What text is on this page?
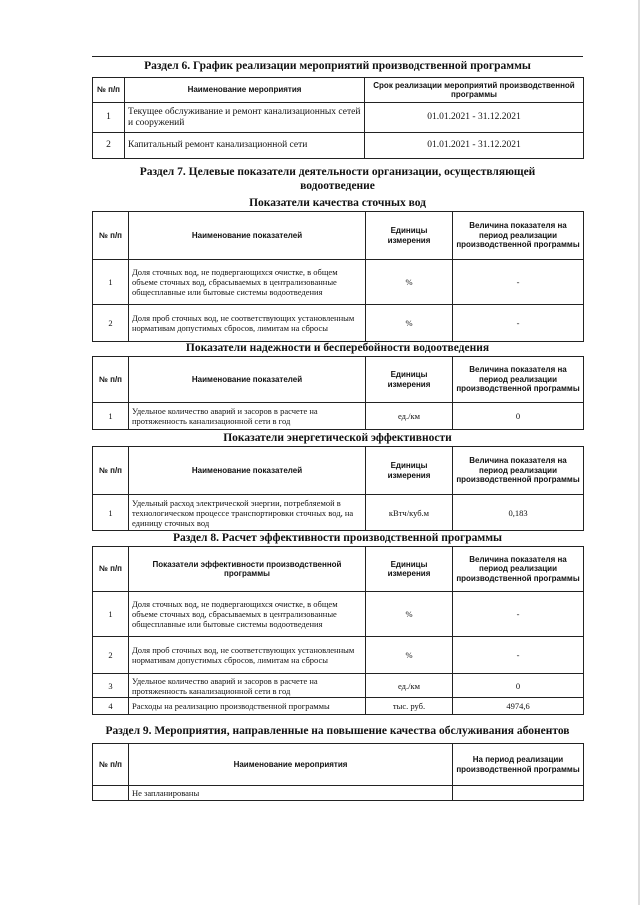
Раздел 6. График реализации мероприятий производственной программы
№ п/п	Наименование мероприятия	Срок реализации мероприятий производственной программы
1	Текущее обслуживание и ремонт канализационных сетей и сооружений	01.01.2021 - 31.12.2021
2	Капитальный ремонт канализационной сети	01.01.2021 - 31.12.2021
Раздел 7. Целевые показатели деятельности организации, осуществляющей
водоотведение
Показатели качества сточных вод
№ п/п	Наименование показателей	Единицы измерения	Величина показателя на период реализации производственной программы
1	Доля сточных вод, не подвергающихся очистке, в общем объеме сточных вод, сбрасываемых в централизованные общесплавные или бытовые системы водоотведения	%	-
2	Доля проб сточных вод, не соответствующих установленным нормативам допустимых сбросов, лимитам на сбросы	%	-
Показатели надежности и бесперебойности водоотведения
№ п/п	Наименование показателей	Единицы измерения	Величина показателя на период реализации производственной программы
1	Удельное количество аварий и засоров в расчете на протяженность канализационной сети в год	ед./км	0
Показатели энергетической эффективности
№ п/п	Наименование показателей	Единицы измерения	Величина показателя на период реализации производственной программы
1	Удельный расход электрической энергии, потребляемой в технологическом процессе транспортировки сточных вод, на единицу сточных вод	кВтч/куб.м	0,183
Раздел 8. Расчет эффективности производственной программы
№ п/п	Показатели эффективности производственной программы	Единицы измерения	Величина показателя на период реализации производственной программы
1	Доля сточных вод, не подвергающихся очистке, в общем объеме сточных вод, сбрасываемых в централизованные общесплавные или бытовые системы водоотведения	%	-
2	Доля проб сточных вод, не соответствующих установленным нормативам допустимых сбросов, лимитам на сбросы	%	-
3	Удельное количество аварий и засоров в расчете на протяженность канализационной сети в год	ед./км	0
4	Расходы на реализацию производственной программы	тыс. руб.	4974,6
Раздел 9. Мероприятия, направленные на повышение качества обслуживания абонентов
№ п/п	Наименование мероприятия	На период реализации производственной программы
	Не запланированы	
